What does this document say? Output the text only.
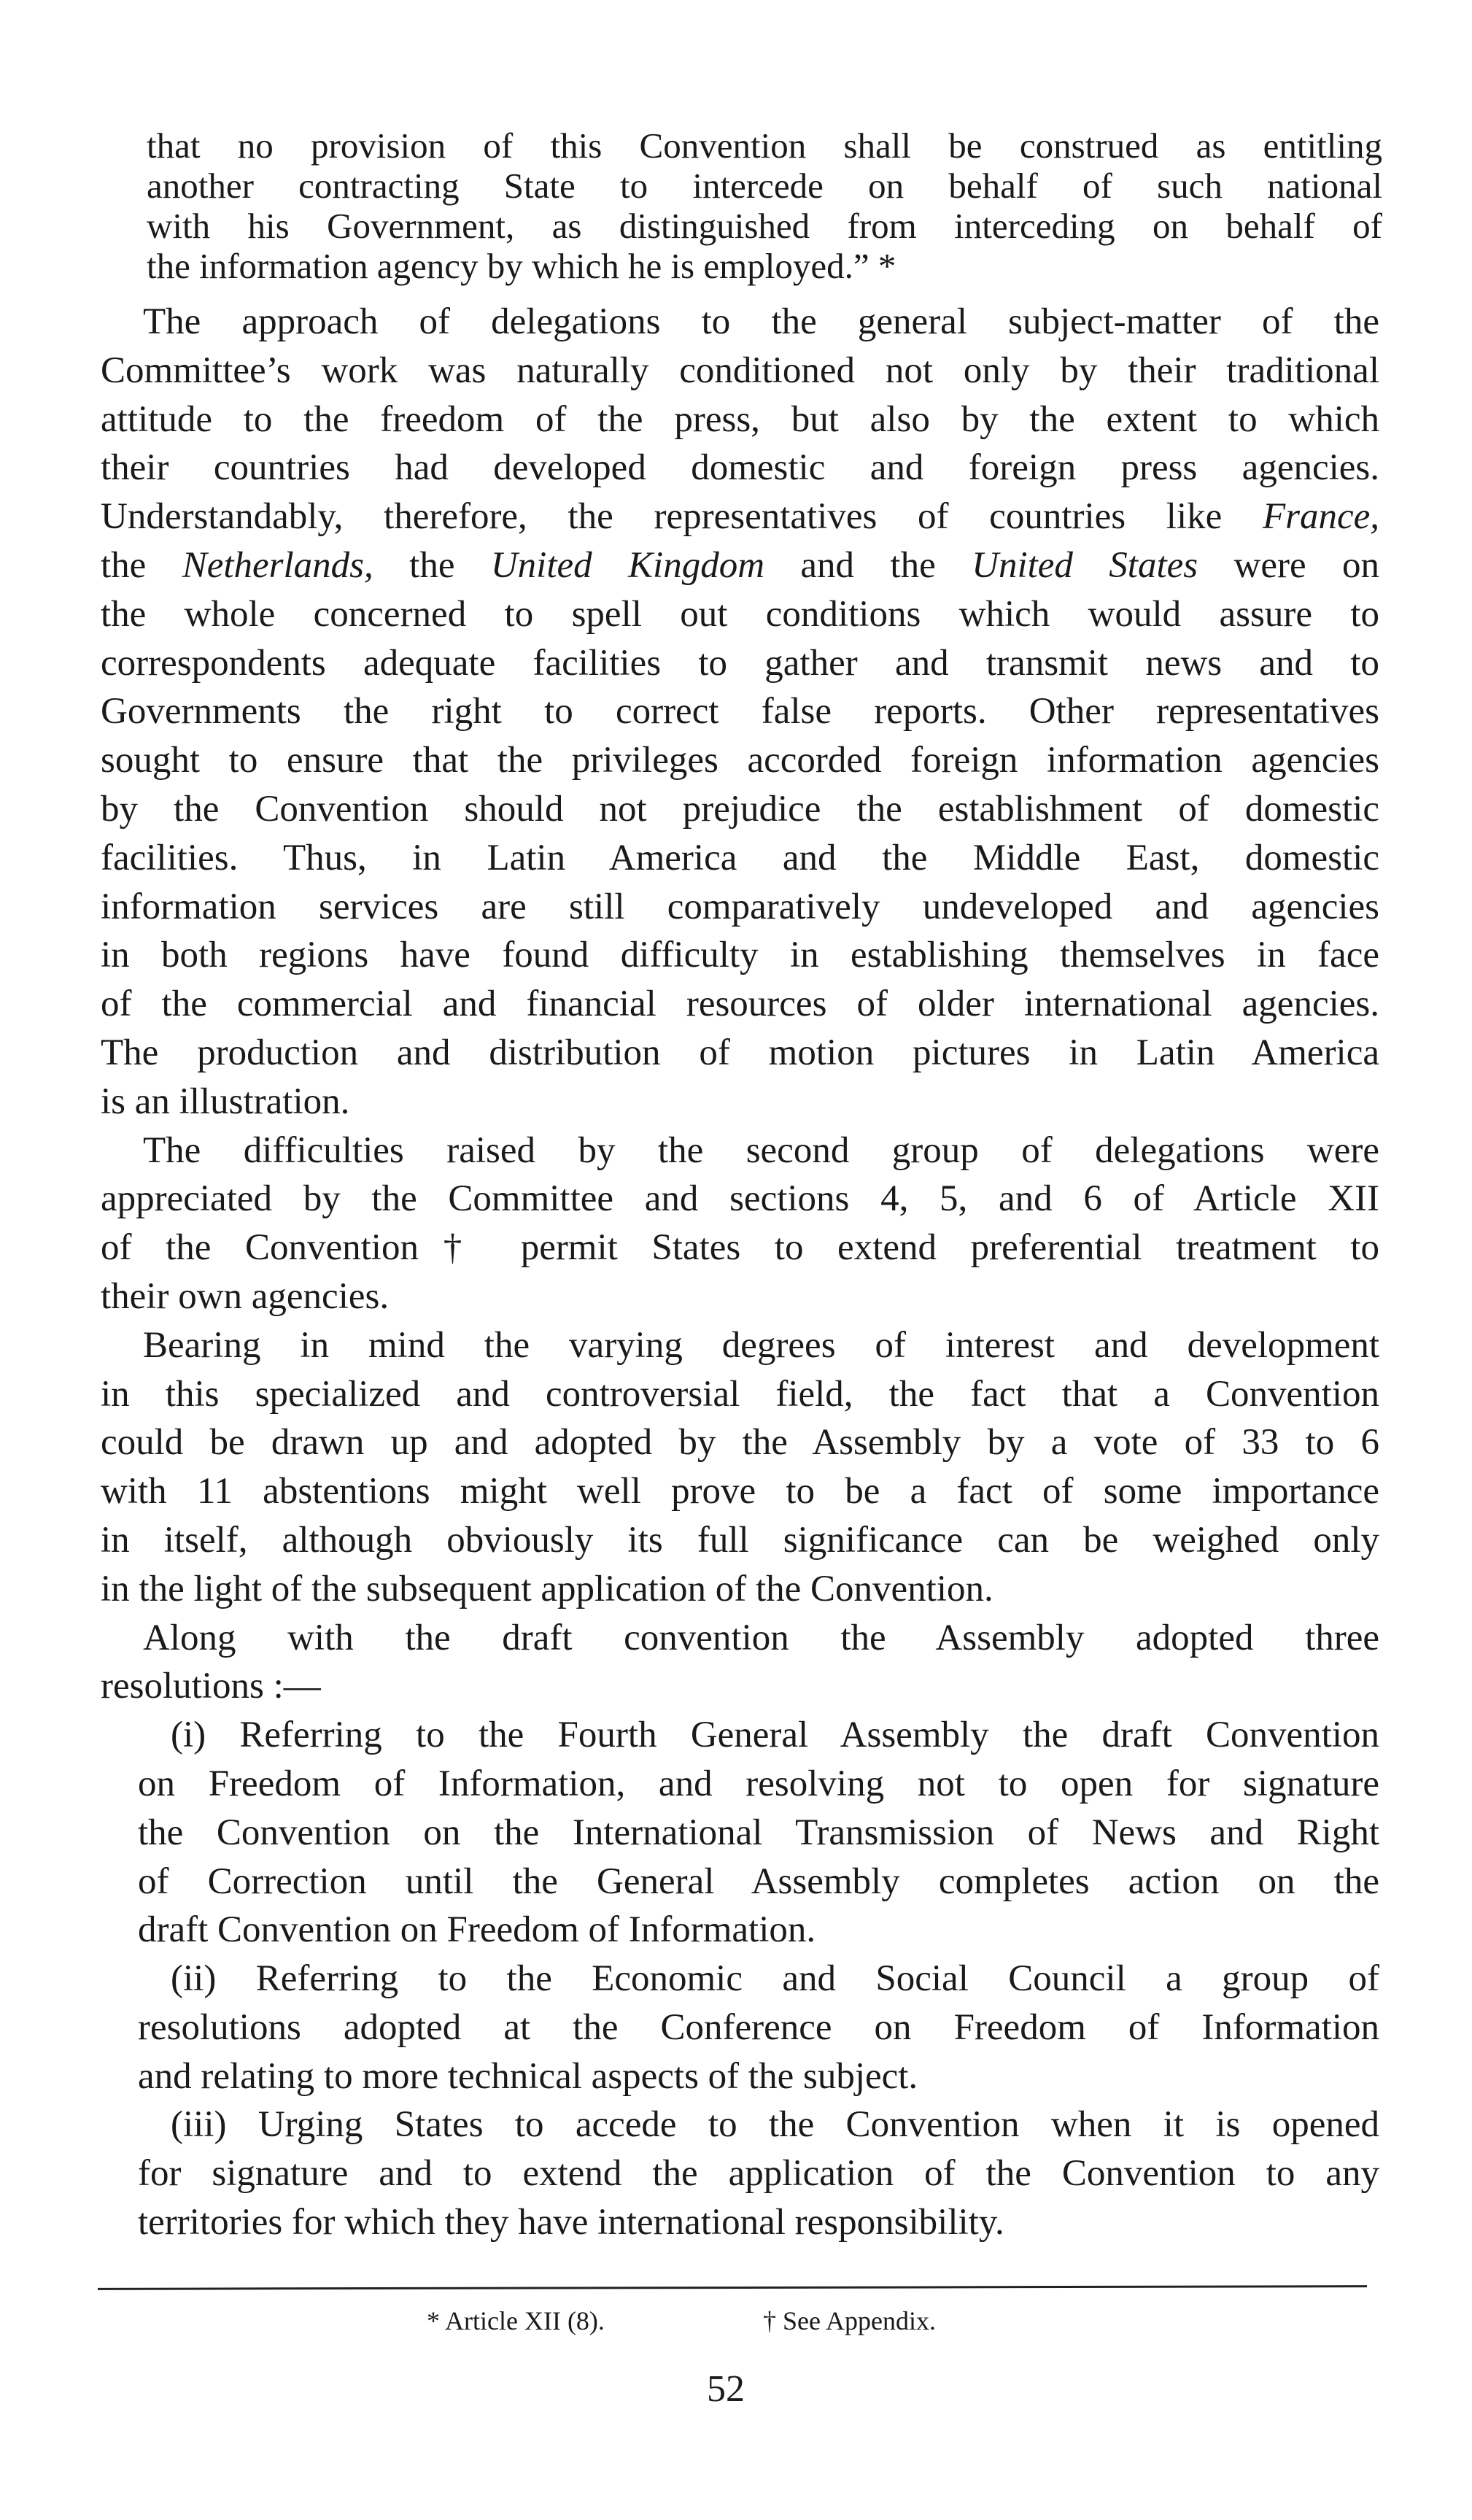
that no provision of this Convention shall be construed as entitling
another contracting State to intercede on behalf of such national
with his Government, as distinguished from interceding on behalf of
the information agency by which he is employed.” *
The approach of delegations to the general subject-matter of the
Committee’s work was naturally conditioned not only by their traditional
attitude to the freedom of the press, but also by the extent to which
their countries had developed domestic and foreign press agencies.
Understandably, therefore, the representatives of countries like France,
the Netherlands, the United Kingdom and the United States were on
the whole concerned to spell out conditions which would assure to
correspondents adequate facilities to gather and transmit news and to
Governments the right to correct false reports. Other representatives
sought to ensure that the privileges accorded foreign information agencies
by the Convention should not prejudice the establishment of domestic
facilities. Thus, in Latin America and the Middle East, domestic
information services are still comparatively undeveloped and agencies
in both regions have found difficulty in establishing themselves in face
of the commercial and financial resources of older international agencies.
The production and distribution of motion pictures in Latin America
is an illustration.
The difficulties raised by the second group of delegations were
appreciated by the Committee and sections 4, 5, and 6 of Article XII
of the Convention† permit States to extend preferential treatment to
their own agencies.
Bearing in mind the varying degrees of interest and development
in this specialized and controversial field, the fact that a Convention
could be drawn up and adopted by the Assembly by a vote of 33 to 6
with 11 abstentions might well prove to be a fact of some importance
in itself, although obviously its full significance can be weighed only
in the light of the subsequent application of the Convention.
Along with the draft convention the Assembly adopted three
resolutions :—
(i) Referring to the Fourth General Assembly the draft Convention
on Freedom of Information, and resolving not to open for signature
the Convention on the International Transmission of News and Right
of Correction until the General Assembly completes action on the
draft Convention on Freedom of Information.
(ii) Referring to the Economic and Social Council a group of
resolutions adopted at the Conference on Freedom of Information
and relating to more technical aspects of the subject.
(iii) Urging States to accede to the Convention when it is opened
for signature and to extend the application of the Convention to any
territories for which they have international responsibility.
* Article XII (8).	† See Appendix.
52
